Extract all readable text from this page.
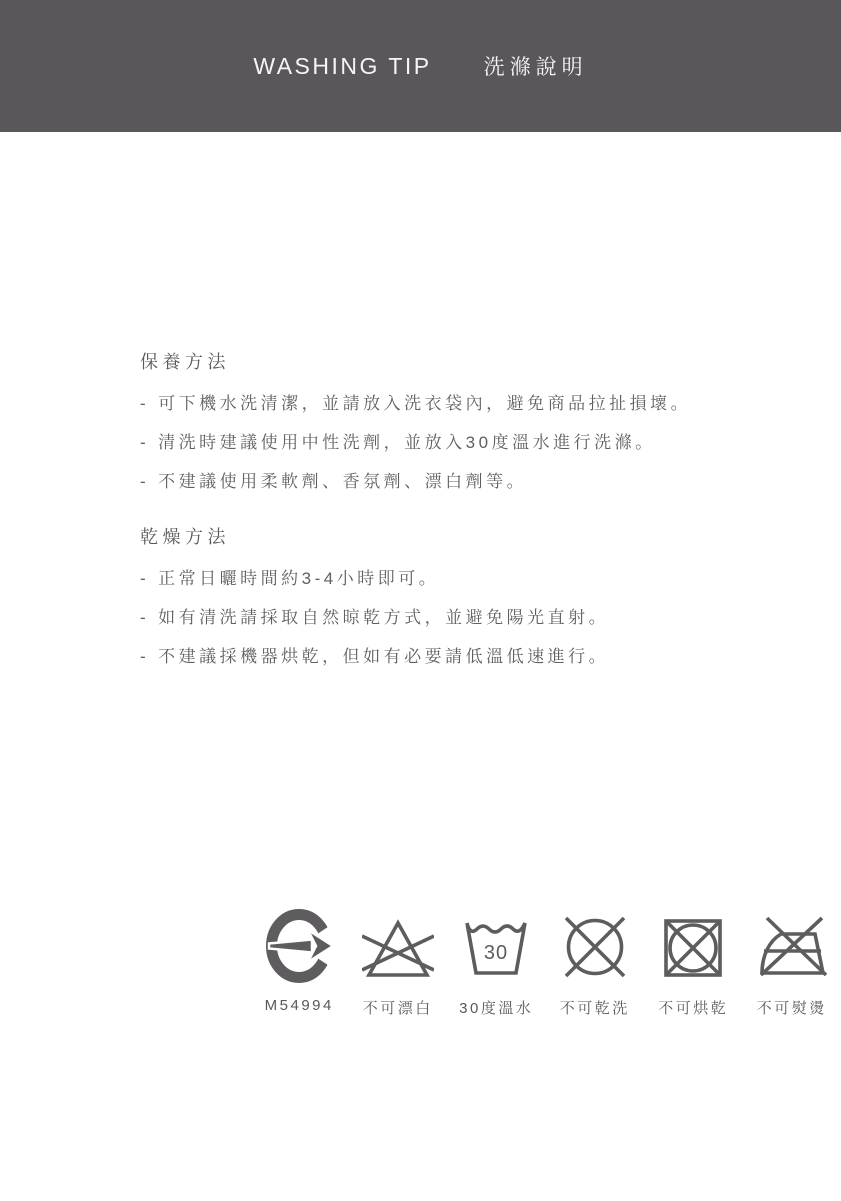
WASHING TIP 洗滌說明
保養方法
- 可下機水洗清潔，並請放入洗衣袋內，避免商品拉扯損壞。
- 清洗時建議使用中性洗劑，並放入30度溫水進行洗滌。
- 不建議使用柔軟劑、香氛劑、漂白劑等。
乾燥方法
- 正常日曬時間約3-4小時即可。
- 如有清洗請採取自然晾乾方式，並避免陽光直射。
- 不建議採機器烘乾，但如有必要請低溫低速進行。
M54994 不可漂白
30
30度溫水 不可乾洗 不可烘乾 不可熨燙
